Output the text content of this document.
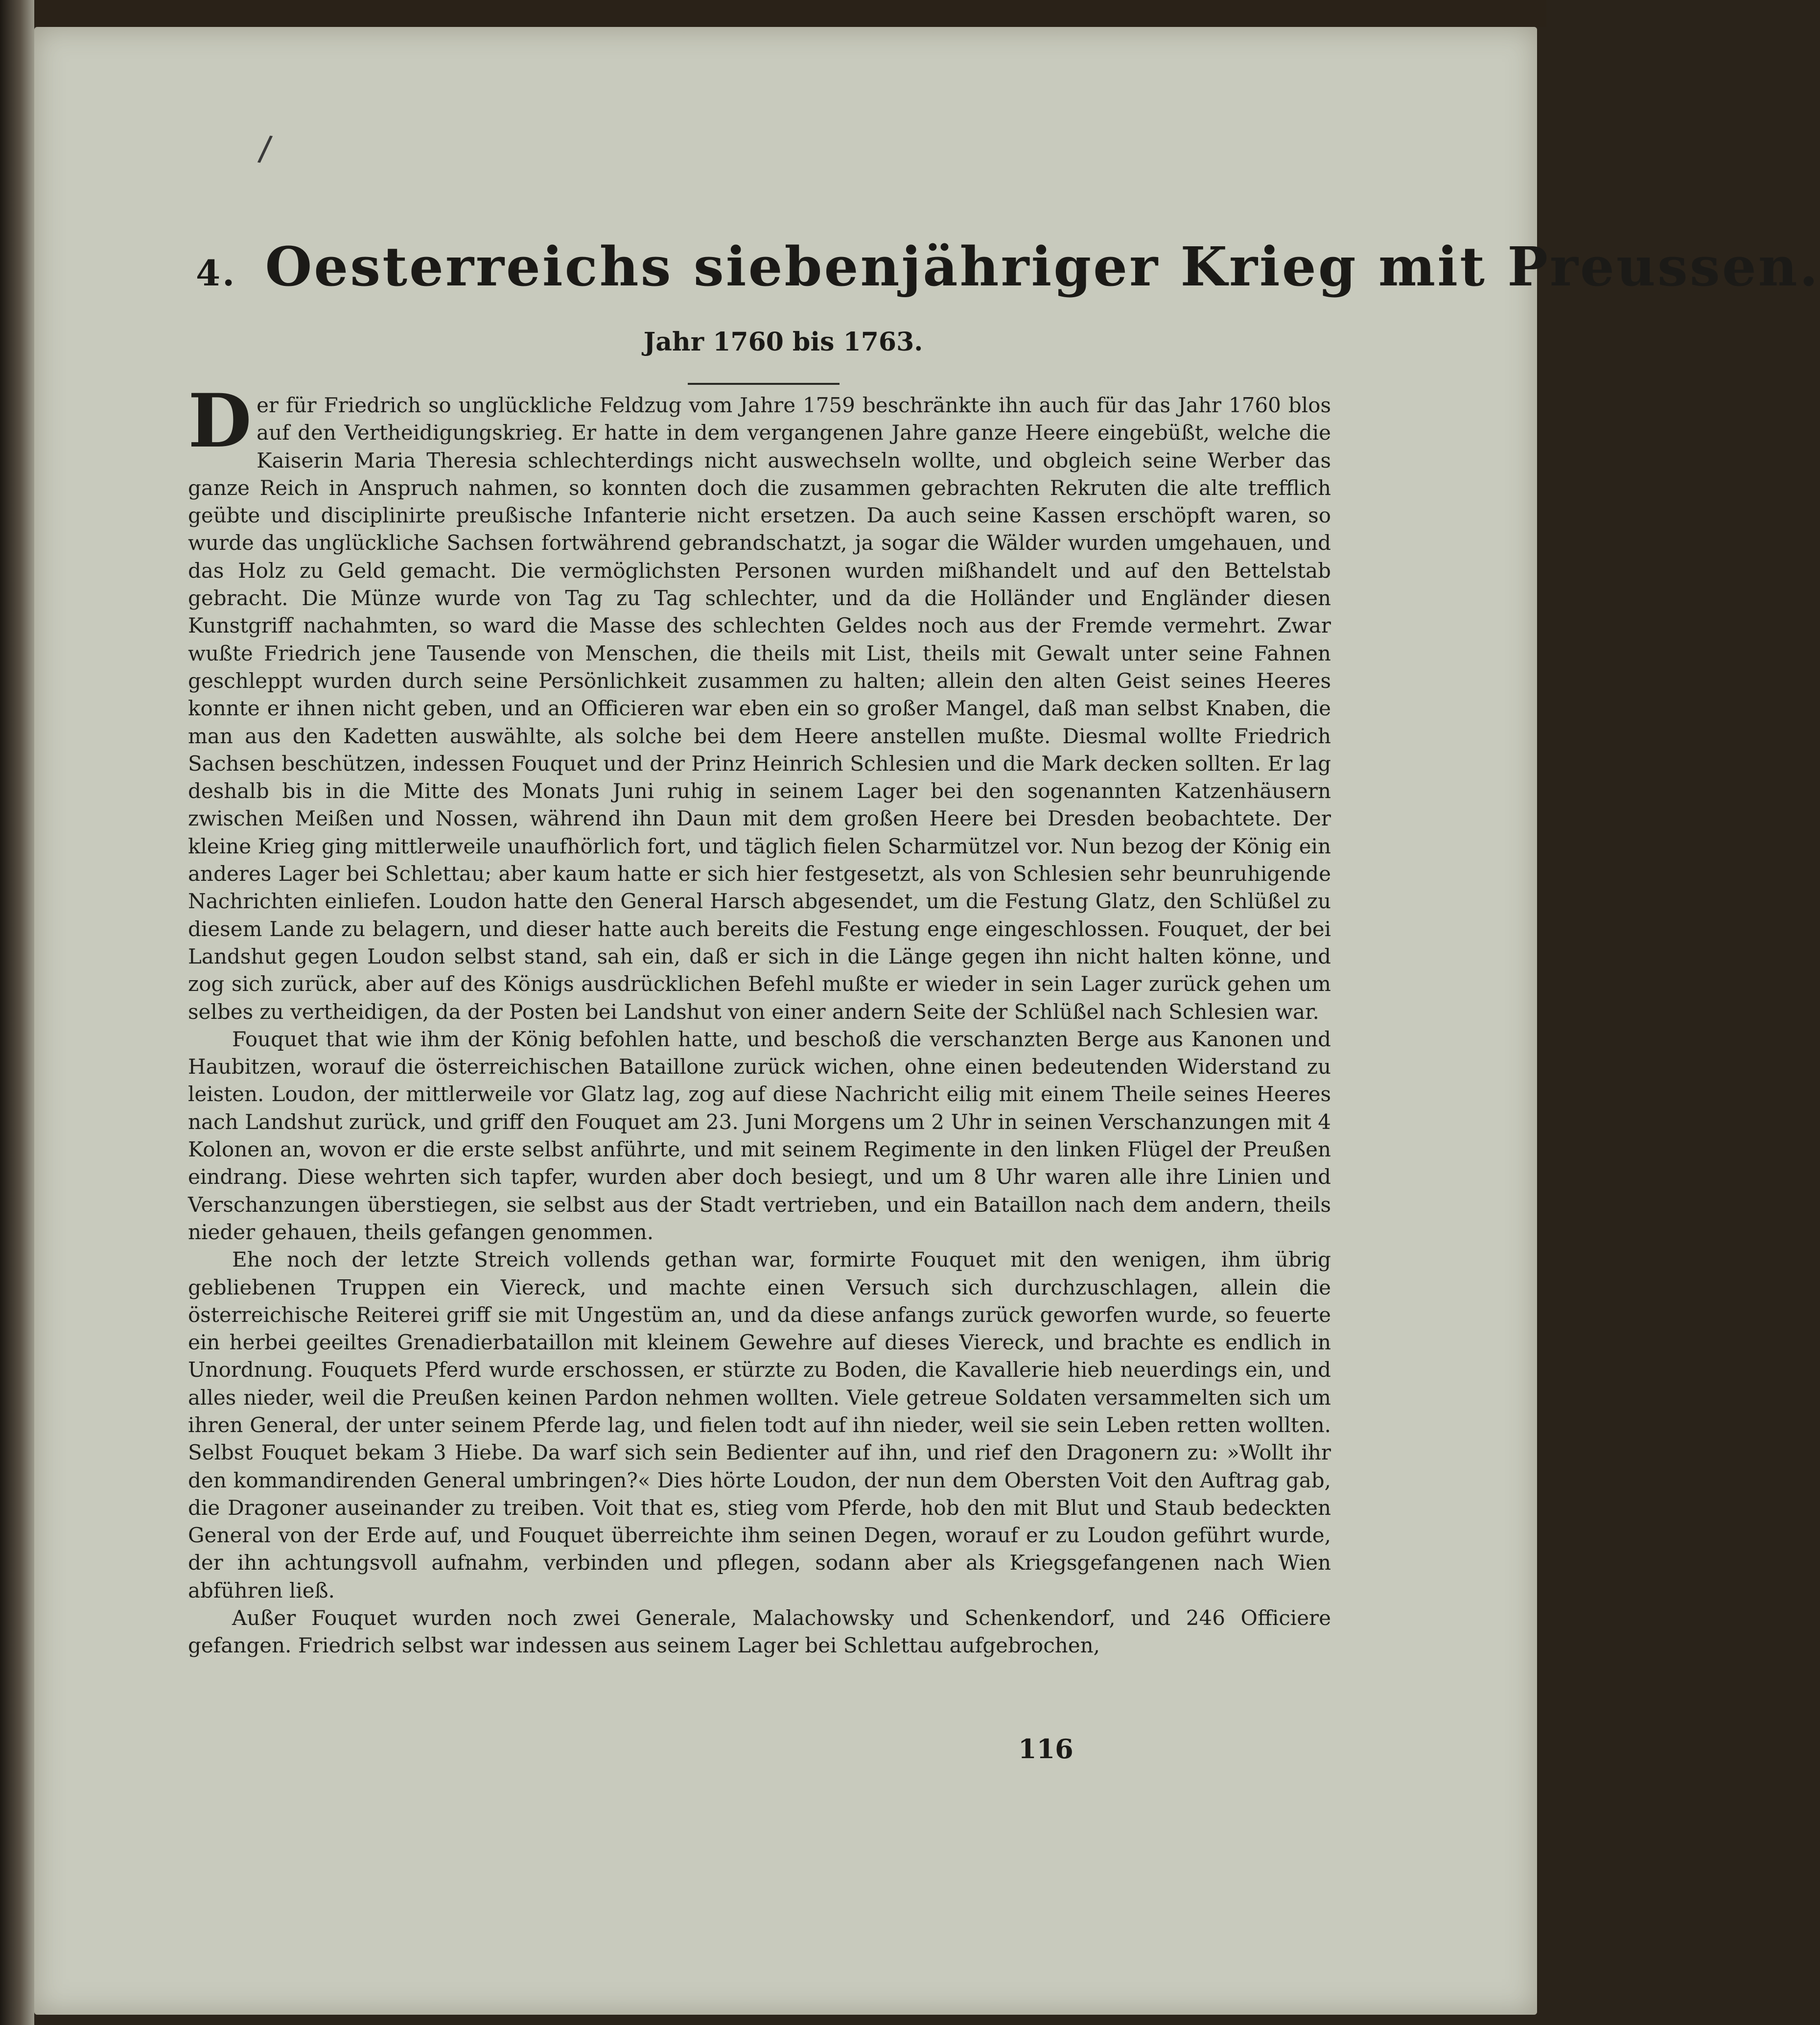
/
4. Oesterreichs siebenjähriger Krieg mit Preussen.
Jahr 1760 bis 1763.

Der für Friedrich so unglückliche Feldzug vom Jahre 1759 beschränkte ihn auch für das Jahr 1760 blos auf den Vertheidigungskrieg. Er hatte in dem vergangenen Jahre ganze Heere eingebüßt, welche die Kaiserin Maria Theresia schlechterdings nicht auswechseln wollte, und obgleich seine Werber das ganze Reich in Anspruch nahmen, so konnten doch die zusammen gebrachten Rekruten die alte trefflich geübte und disciplinirte preußische Infanterie nicht ersetzen. Da auch seine Kassen erschöpft waren, so wurde das unglückliche Sachsen fortwährend gebrandschatzt, ja sogar die Wälder wurden umgehauen, und das Holz zu Geld gemacht. Die vermöglichsten Personen wurden mißhandelt und auf den Bettelstab gebracht. Die Münze wurde von Tag zu Tag schlechter, und da die Holländer und Engländer diesen Kunstgriff nachahmten, so ward die Masse des schlechten Geldes noch aus der Fremde vermehrt. Zwar wußte Friedrich jene Tausende von Menschen, die theils mit List, theils mit Gewalt unter seine Fahnen geschleppt wurden durch seine Persönlichkeit zusammen zu halten; allein den alten Geist seines Heeres konnte er ihnen nicht geben, und an Officieren war eben ein so großer Mangel, daß man selbst Knaben, die man aus den Kadetten auswählte, als solche bei dem Heere anstellen mußte. Diesmal wollte Friedrich Sachsen beschützen, indessen Fouquet und der Prinz Heinrich Schlesien und die Mark decken sollten. Er lag deshalb bis in die Mitte des Monats Juni ruhig in seinem Lager bei den sogenannten Katzenhäusern zwischen Meißen und Nossen, während ihn Daun mit dem großen Heere bei Dresden beobachtete. Der kleine Krieg ging mittlerweile unaufhörlich fort, und täglich fielen Scharmützel vor. Nun bezog der König ein anderes Lager bei Schlettau; aber kaum hatte er sich hier festgesetzt, als von Schlesien sehr beunruhigende Nachrichten einliefen. Loudon hatte den General Harsch abgesendet, um die Festung Glatz, den Schlüßel zu diesem Lande zu belagern, und dieser hatte auch bereits die Festung enge eingeschlossen. Fouquet, der bei Landshut gegen Loudon selbst stand, sah ein, daß er sich in die Länge gegen ihn nicht halten könne, und zog sich zurück, aber auf des Königs ausdrücklichen Befehl mußte er wieder in sein Lager zurück gehen um selbes zu vertheidigen, da der Posten bei Landshut von einer andern Seite der Schlüßel nach Schlesien war.

Fouquet that wie ihm der König befohlen hatte, und beschoß die verschanzten Berge aus Kanonen und Haubitzen, worauf die österreichischen Bataillone zurück wichen, ohne einen bedeutenden Widerstand zu leisten. Loudon, der mittlerweile vor Glatz lag, zog auf diese Nachricht eilig mit einem Theile seines Heeres nach Landshut zurück, und griff den Fouquet am 23. Juni Morgens um 2 Uhr in seinen Verschanzungen mit 4 Kolonen an, wovon er die erste selbst anführte, und mit seinem Regimente in den linken Flügel der Preußen eindrang. Diese wehrten sich tapfer, wurden aber doch besiegt, und um 8 Uhr waren alle ihre Linien und Verschanzungen überstiegen, sie selbst aus der Stadt vertrieben, und ein Bataillon nach dem andern, theils nieder gehauen, theils gefangen genommen.

Ehe noch der letzte Streich vollends gethan war, formirte Fouquet mit den wenigen, ihm übrig gebliebenen Truppen ein Viereck, und machte einen Versuch sich durchzuschlagen, allein die österreichische Reiterei griff sie mit Ungestüm an, und da diese anfangs zurück geworfen wurde, so feuerte ein herbei geeiltes Grenadierbataillon mit kleinem Gewehre auf dieses Viereck, und brachte es endlich in Unordnung. Fouquets Pferd wurde erschossen, er stürzte zu Boden, die Kavallerie hieb neuerdings ein, und alles nieder, weil die Preußen keinen Pardon nehmen wollten. Viele getreue Soldaten versammelten sich um ihren General, der unter seinem Pferde lag, und fielen todt auf ihn nieder, weil sie sein Leben retten wollten. Selbst Fouquet bekam 3 Hiebe. Da warf sich sein Bedienter auf ihn, und rief den Dragonern zu: »Wollt ihr den kommandirenden General umbringen?« Dies hörte Loudon, der nun dem Obersten Voit den Auftrag gab, die Dragoner auseinander zu treiben. Voit that es, stieg vom Pferde, hob den mit Blut und Staub bedeckten General von der Erde auf, und Fouquet überreichte ihm seinen Degen, worauf er zu Loudon geführt wurde, der ihn achtungsvoll aufnahm, verbinden und pflegen, sodann aber als Kriegsgefangenen nach Wien abführen ließ.

Außer Fouquet wurden noch zwei Generale, Malachowsky und Schenkendorf, und 246 Officiere gefangen. Friedrich selbst war indessen aus seinem Lager bei Schlettau aufgebrochen,

116
